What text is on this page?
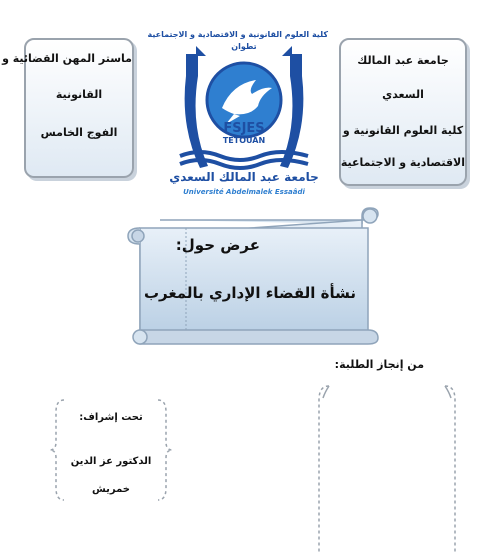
ماستر المهن القضائية و
القانونية
الفوج الخامس
جامعة عبد المالك
السعدي
كلية العلوم القانونية و
الاقتصادية و الاجتماعية
كلية العلوم القانونية و الاقتصادية و الاجتماعية
تطوان
FSJES
TETOUAN
جامعة عبد المالك السعدي
Université Abdelmalek Essaâdi
عرض حول:
نشأة القضاء الإداري بالمغرب
من إنجاز الطلبة:
تحت إشراف:
الدكتور عز الدين
خمريش
